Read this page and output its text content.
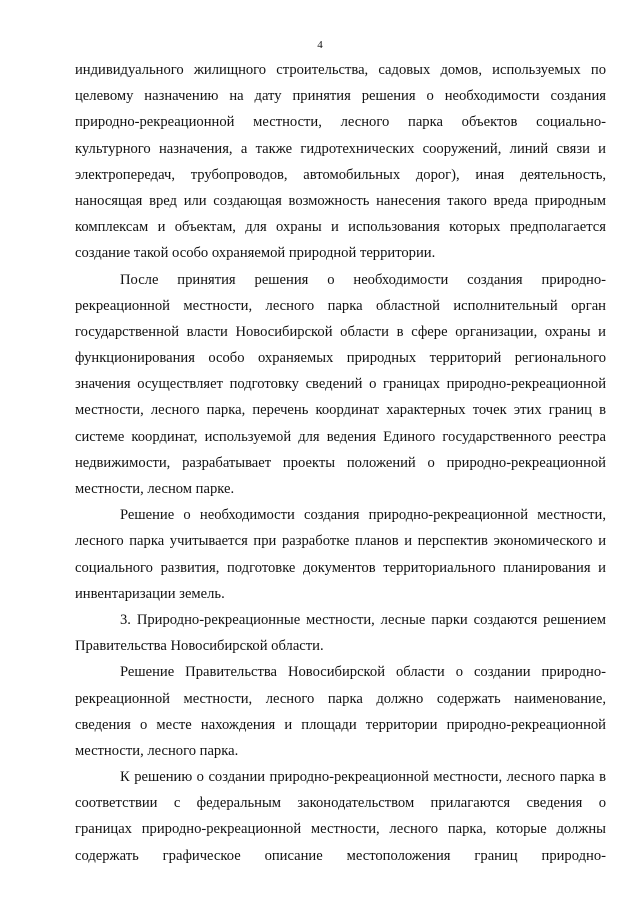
4
индивидуального жилищного строительства, садовых домов, используемых по
целевому назначению на дату принятия решения о необходимости создания
природно-рекреационной местности, лесного парка объектов социально-
культурного назначения, а также гидротехнических сооружений, линий связи и
электропередач, трубопроводов, автомобильных дорог), иная деятельность,
наносящая вред или создающая возможность нанесения такого вреда природным
комплексам и объектам, для охраны и использования которых предполагается
создание такой особо охраняемой природной территории.
После принятия решения о необходимости создания природно-
рекреационной местности, лесного парка областной исполнительный орган
государственной власти Новосибирской области в сфере организации, охраны и
функционирования особо охраняемых природных территорий регионального
значения осуществляет подготовку сведений о границах природно-рекреационной
местности, лесного парка, перечень координат характерных точек этих границ в
системе координат, используемой для ведения Единого государственного реестра
недвижимости, разрабатывает проекты положений о природно-рекреационной
местности, лесном парке.
Решение о необходимости создания природно-рекреационной местности,
лесного парка учитывается при разработке планов и перспектив экономического и
социального развития, подготовке документов территориального планирования и
инвентаризации земель.
3. Природно-рекреационные местности, лесные парки создаются решением
Правительства Новосибирской области.
Решение Правительства Новосибирской области о создании природно-
рекреационной местности, лесного парка должно содержать наименование,
сведения о месте нахождения и площади территории природно-рекреационной
местности, лесного парка.
К решению о создании природно-рекреационной местности, лесного парка в
соответствии с федеральным законодательством прилагаются сведения о
границах природно-рекреационной местности, лесного парка, которые должны
содержать графическое описание местоположения границ природно-
